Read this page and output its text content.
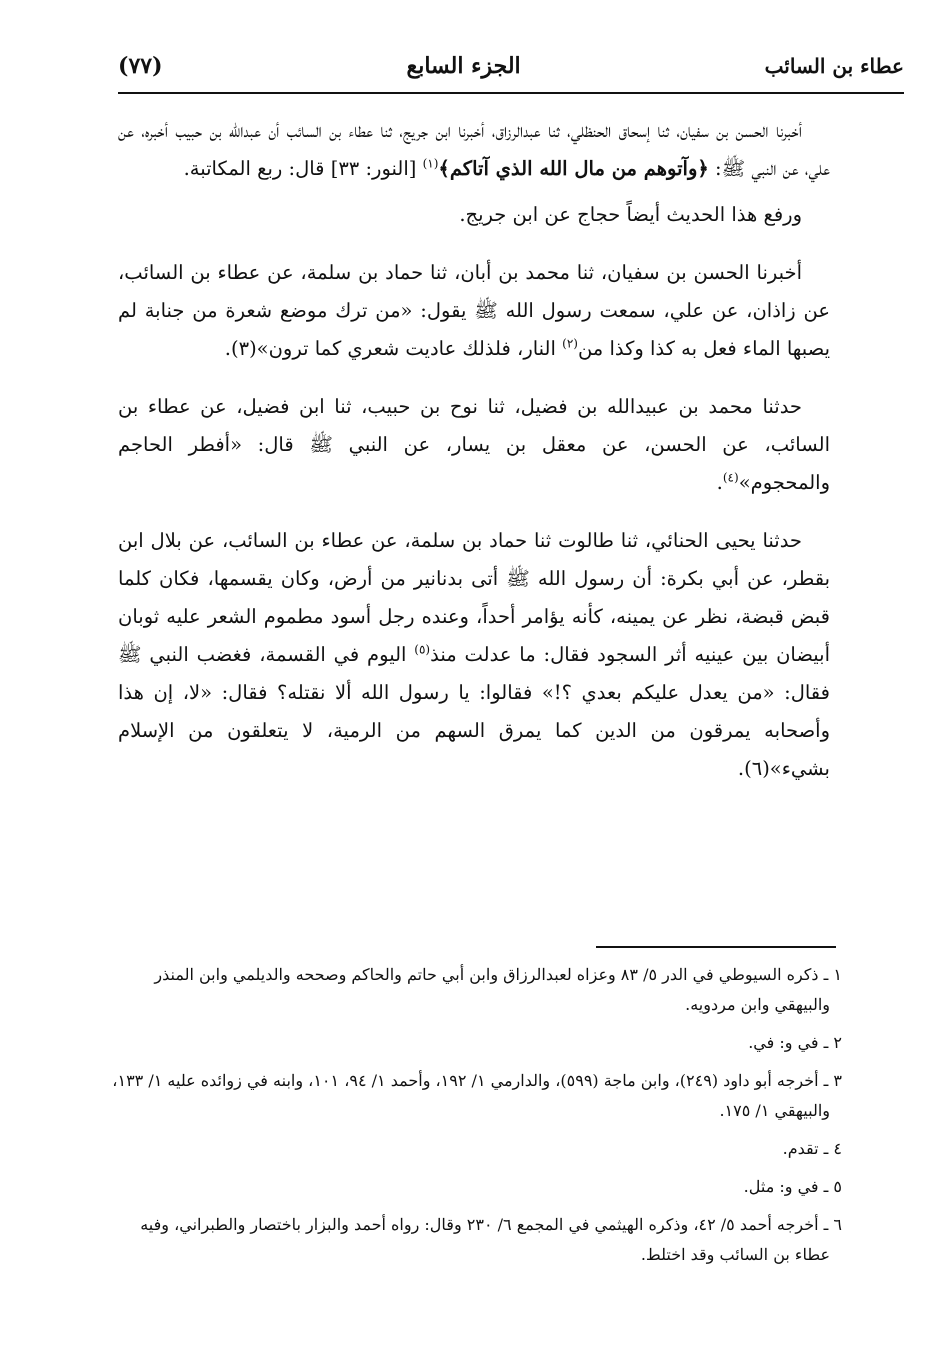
عطاء بن السائب
الجزء السابع
(٧٧)

أخبرنا الحسن بن سفيان، ثنا إسحاق الحنظلي، ثنا عبدالرزاق، أخبرنا ابن جريج، ثنا عطاء بن السائب أن عبدالله بن حبيب أخبره، عن علي، عن النبي ﷺ: ﴿وآتوهم من مال الله الذي آتاكم﴾$^{(١)}$ [النور: ٣٣] قال: ربع المكاتبة.

ورفع هذا الحديث أيضاً حجاج عن ابن جريج.

أخبرنا الحسن بن سفيان، ثنا محمد بن أبان، ثنا حماد بن سلمة، عن عطاء بن السائب، عن زاذان، عن علي، سمعت رسول الله ﷺ يقول: «من ترك موضع شعرة من جنابة لم يصبها الماء فعل به كذا وكذا من$^{(٢)}$ النار، فلذلك عاديت شعري كما ترون»(٣).

حدثنا محمد بن عبيدالله بن فضيل، ثنا نوح بن حبيب، ثنا ابن فضيل، عن عطاء بن السائب، عن الحسن، عن معقل بن يسار، عن النبي ﷺ قال: «أفطر الحاجم والمحجوم»$^{(٤)}$.

حدثنا يحيى الحنائي، ثنا طالوت ثنا حماد بن سلمة، عن عطاء بن السائب، عن بلال ابن بقطر، عن أبي بكرة: أن رسول الله ﷺ أتى بدنانير من أرض، وكان يقسمها، فكان كلما قبض قبضة، نظر عن يمينه، كأنه يؤامر أحداً، وعنده رجل أسود مطموم الشعر عليه ثوبان أبيضان بين عينيه أثر السجود فقال: ما عدلت منذ$^{(٥)}$ اليوم في القسمة، فغضب النبي ﷺ فقال: «من يعدل عليكم بعدي ؟!» فقالوا: يا رسول الله ألا نقتله؟ فقال: «لا، إن هذا وأصحابه يمرقون من الدين كما يمرق السهم من الرمية، لا يتعلقون من الإسلام بشيء»(٦).

١ ـ ذكره السيوطي في الدر ٥/ ٨٣ وعزاه لعبدالرزاق وابن أبي حاتم والحاكم وصححه والديلمي وابن المنذر والبيهقي وابن مردويه.

٢ ـ في و: في.

٣ ـ أخرجه أبو داود (٢٤٩)، وابن ماجة (٥٩٩)، والدارمي ١/ ١٩٢، وأحمد ١/ ٩٤، ١٠١، وابنه في زوائده عليه ١/ ١٣٣، والبيهقي ١/ ١٧٥.

٤ ـ تقدم.

٥ ـ في و: مثل.

٦ ـ أخرجه أحمد ٥/ ٤٢، وذكره الهيثمي في المجمع ٦/ ٢٣٠ وقال: رواه أحمد والبزار باختصار والطبراني، وفيه عطاء بن السائب وقد اختلط.
